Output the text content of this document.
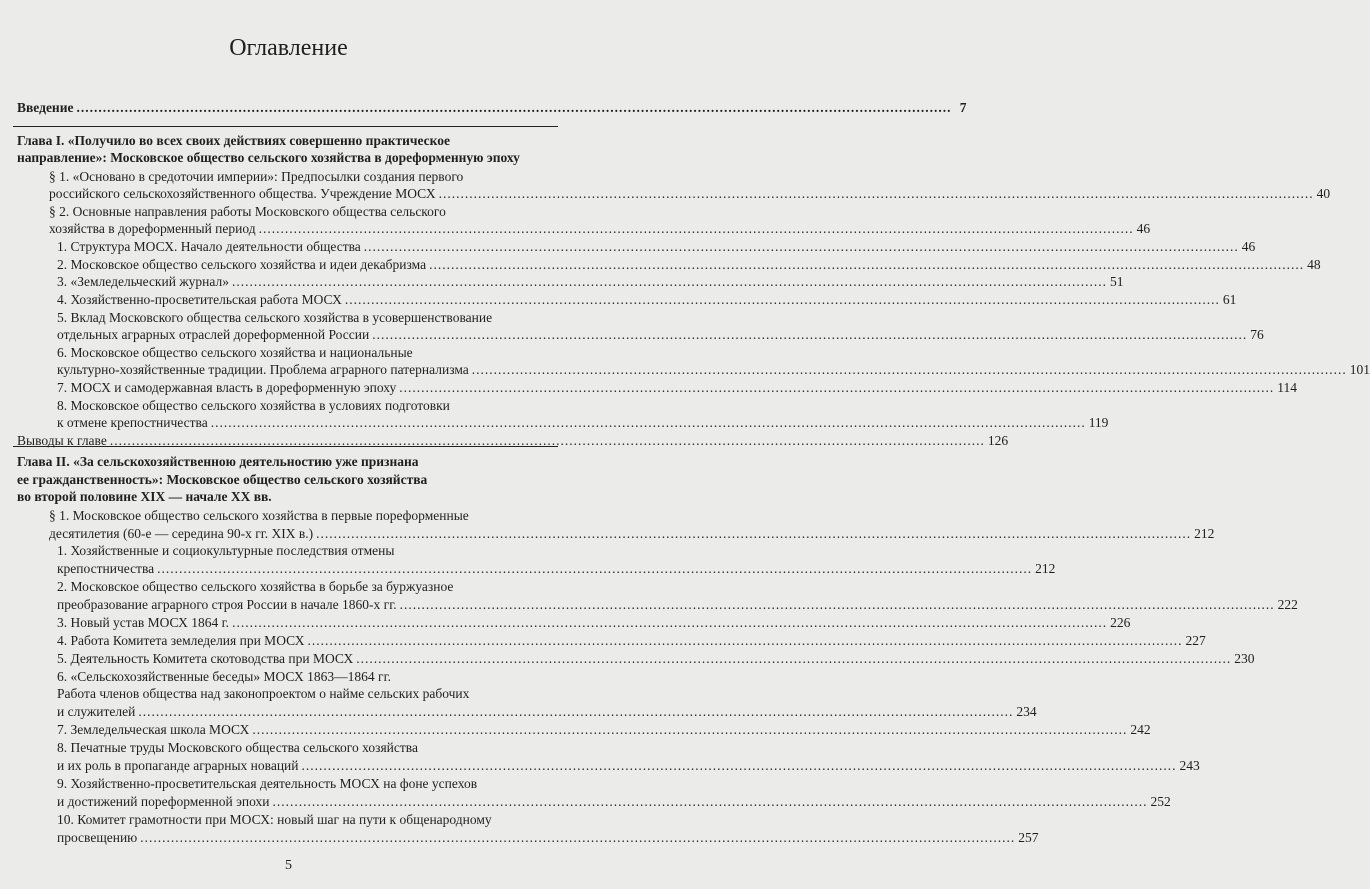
Оглавление
Введение ........................................................................................................................................................................................................ 7
Глава I. «Получило во всех своих действиях совершенно практическое
направление»: Московское общество сельского хозяйства в дореформенную эпоху
§ 1. «Основано в средоточии империи»: Предпосылки создания первого
российского сельскохозяйственного общества. Учреждение МОСХ ........................................................................................................................................................................................................ 40
§ 2. Основные направления работы Московского общества сельского
хозяйства в дореформенный период ........................................................................................................................................................................................................ 46
1. Структура МОСХ. Начало деятельности общества ........................................................................................................................................................................................................ 46
2. Московское общество сельского хозяйства и идеи декабризма ........................................................................................................................................................................................................ 48
3. «Земледельческий журнал» ........................................................................................................................................................................................................ 51
4. Хозяйственно-просветительская работа МОСХ ........................................................................................................................................................................................................ 61
5. Вклад Московского общества сельского хозяйства в усовершенствование
отдельных аграрных отраслей дореформенной России ........................................................................................................................................................................................................ 76
6. Московское общество сельского хозяйства и национальные
культурно-хозяйственные традиции. Проблема аграрного патернализма ........................................................................................................................................................................................................ 101
7. МОСХ и самодержавная власть в дореформенную эпоху ........................................................................................................................................................................................................ 114
8. Московское общество сельского хозяйства в условиях подготовки
к отмене крепостничества ........................................................................................................................................................................................................ 119
Выводы к главе ........................................................................................................................................................................................................ 126
Глава II. «За сельскохозяйственною деятельностию уже признана
ее гражданственность»: Московское общество сельского хозяйства
во второй половине XIX — начале ХХ вв.
§ 1. Московское общество сельского хозяйства в первые пореформенные
десятилетия (60-е — середина 90-х гг. XIX в.) ........................................................................................................................................................................................................ 212
1. Хозяйственные и социокультурные последствия отмены
крепостничества ........................................................................................................................................................................................................ 212
2. Московское общество сельского хозяйства в борьбе за буржуазное
преобразование аграрного строя России в начале 1860-х гг. ........................................................................................................................................................................................................ 222
3. Новый устав МОСХ 1864 г. ........................................................................................................................................................................................................ 226
4. Работа Комитета земледелия при МОСХ ........................................................................................................................................................................................................ 227
5. Деятельность Комитета скотоводства при МОСХ ........................................................................................................................................................................................................ 230
6. «Сельскохозяйственные беседы» МОСХ 1863—1864 гг.
Работа членов общества над законопроектом о найме сельских рабочих
и служителей ........................................................................................................................................................................................................ 234
7. Земледельческая школа МОСХ ........................................................................................................................................................................................................ 242
8. Печатные труды Московского общества сельского хозяйства
и их роль в пропаганде аграрных новаций ........................................................................................................................................................................................................ 243
9. Хозяйственно-просветительская деятельность МОСХ на фоне успехов
и достижений пореформенной эпохи ........................................................................................................................................................................................................ 252
10. Комитет грамотности при МОСХ: новый шаг на пути к общенародному
просвещению ........................................................................................................................................................................................................ 257
5
